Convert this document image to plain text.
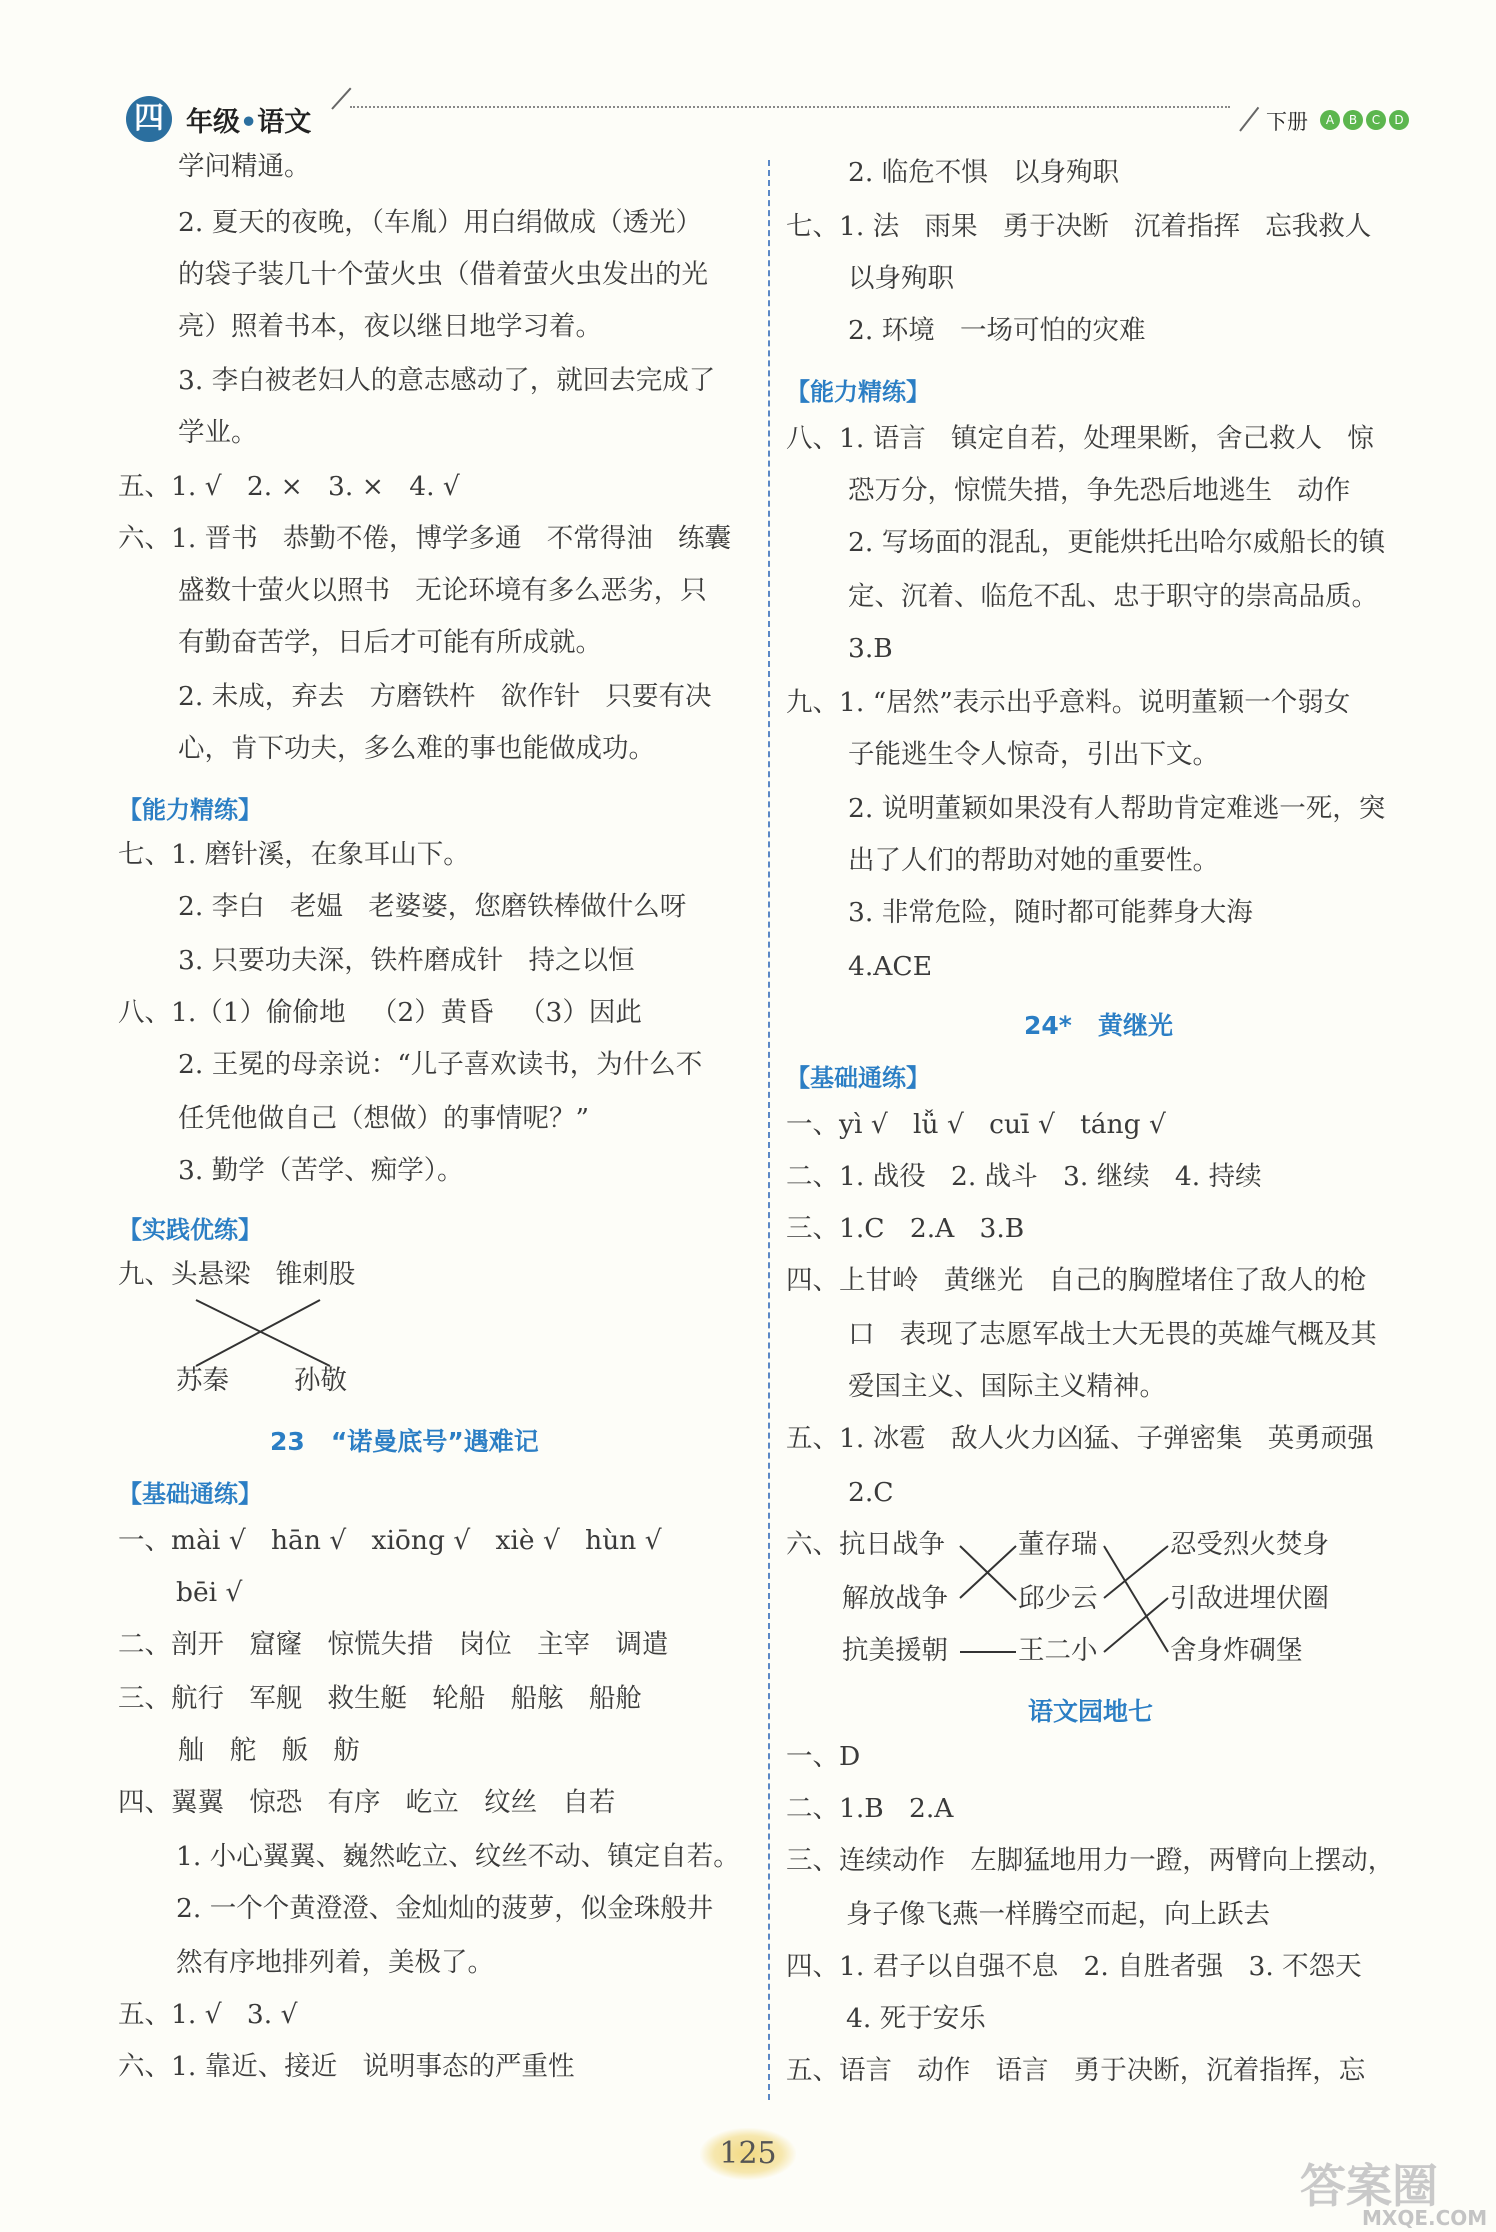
四 年级•语文	下册	A	B	C	D
学问精通。
2. 夏天的夜晚，（车胤）用白绢做成（透光）
的袋子装几十个萤火虫（借着萤火虫发出的光
亮）照着书本，夜以继日地学习着。
3. 李白被老妇人的意志感动了，就回去完成了
学业。
五、1. √   2. ×   3. ×   4. √
六、1. 晋书   恭勤不倦，博学多通   不常得油   练囊
盛数十萤火以照书   无论环境有多么恶劣，只
有勤奋苦学，日后才可能有所成就。
2. 未成，弃去   方磨铁杵   欲作针   只要有决
心，肯下功夫，多么难的事也能做成功。
【能力精练】
七、1. 磨针溪，在象耳山下。
2. 李白   老媪   老婆婆，您磨铁棒做什么呀
3. 只要功夫深，铁杵磨成针   持之以恒
八、1.（1）偷偷地   （2）黄昏   （3）因此
2. 王冕的母亲说：“儿子喜欢读书，为什么不
任凭他做自己（想做）的事情呢？”
3. 勤学（苦学、痴学）。
【实践优练】
九、头悬梁   锥刺股
苏秦 孙敬
23   “诺曼底号”遇难记
【基础通练】
一、mài √   hān √   xiōng √   xiè √   hùn √
bēi √
二、剖开   窟窿   惊慌失措   岗位   主宰   调遣
三、航行   军舰   救生艇   轮船   船舷   船舱
舢   舵   舨   舫
四、翼翼   惊恐   有序   屹立   纹丝   自若
1. 小心翼翼、巍然屹立、纹丝不动、镇定自若。
2. 一个个黄澄澄、金灿灿的菠萝，似金珠般井
然有序地排列着，美极了。
五、1. √   3. √
六、1. 靠近、接近   说明事态的严重性
2. 临危不惧   以身殉职
七、1. 法   雨果   勇于决断   沉着指挥   忘我救人
以身殉职
2. 环境   一场可怕的灾难
【能力精练】
八、1. 语言   镇定自若，处理果断，舍己救人   惊
恐万分，惊慌失措，争先恐后地逃生   动作
2. 写场面的混乱，更能烘托出哈尔威船长的镇
定、沉着、临危不乱、忠于职守的崇高品质。
3.B
九、1. “居然”表示出乎意料。说明董颖一个弱女
子能逃生令人惊奇，引出下文。
2. 说明董颖如果没有人帮助肯定难逃一死，突
出了人们的帮助对她的重要性。
3. 非常危险，随时都可能葬身大海
4.ACE
24*   黄继光
【基础通练】
一、yì √   lǚ √   cuī √   táng √
二、1. 战役   2. 战斗   3. 继续   4. 持续
三、1.C   2.A   3.B
四、上甘岭   黄继光   自己的胸膛堵住了敌人的枪
口   表现了志愿军战士大无畏的英雄气概及其
爱国主义、国际主义精神。
五、1. 冰雹   敌人火力凶猛、子弹密集   英勇顽强
2.C
六、抗日战争
解放战争
抗美援朝
董存瑞
邱少云
王二小
忍受烈火焚身
引敌进埋伏圈
舍身炸碉堡
语文园地七
一、D
二、1.B   2.A
三、连续动作   左脚猛地用力一蹬，两臂向上摆动，
身子像飞燕一样腾空而起，向上跃去
四、1. 君子以自强不息   2. 自胜者强   3. 不怨天
4. 死于安乐
五、语言   动作   语言   勇于决断，沉着指挥，忘
125
答案圈
MXQE.COM
